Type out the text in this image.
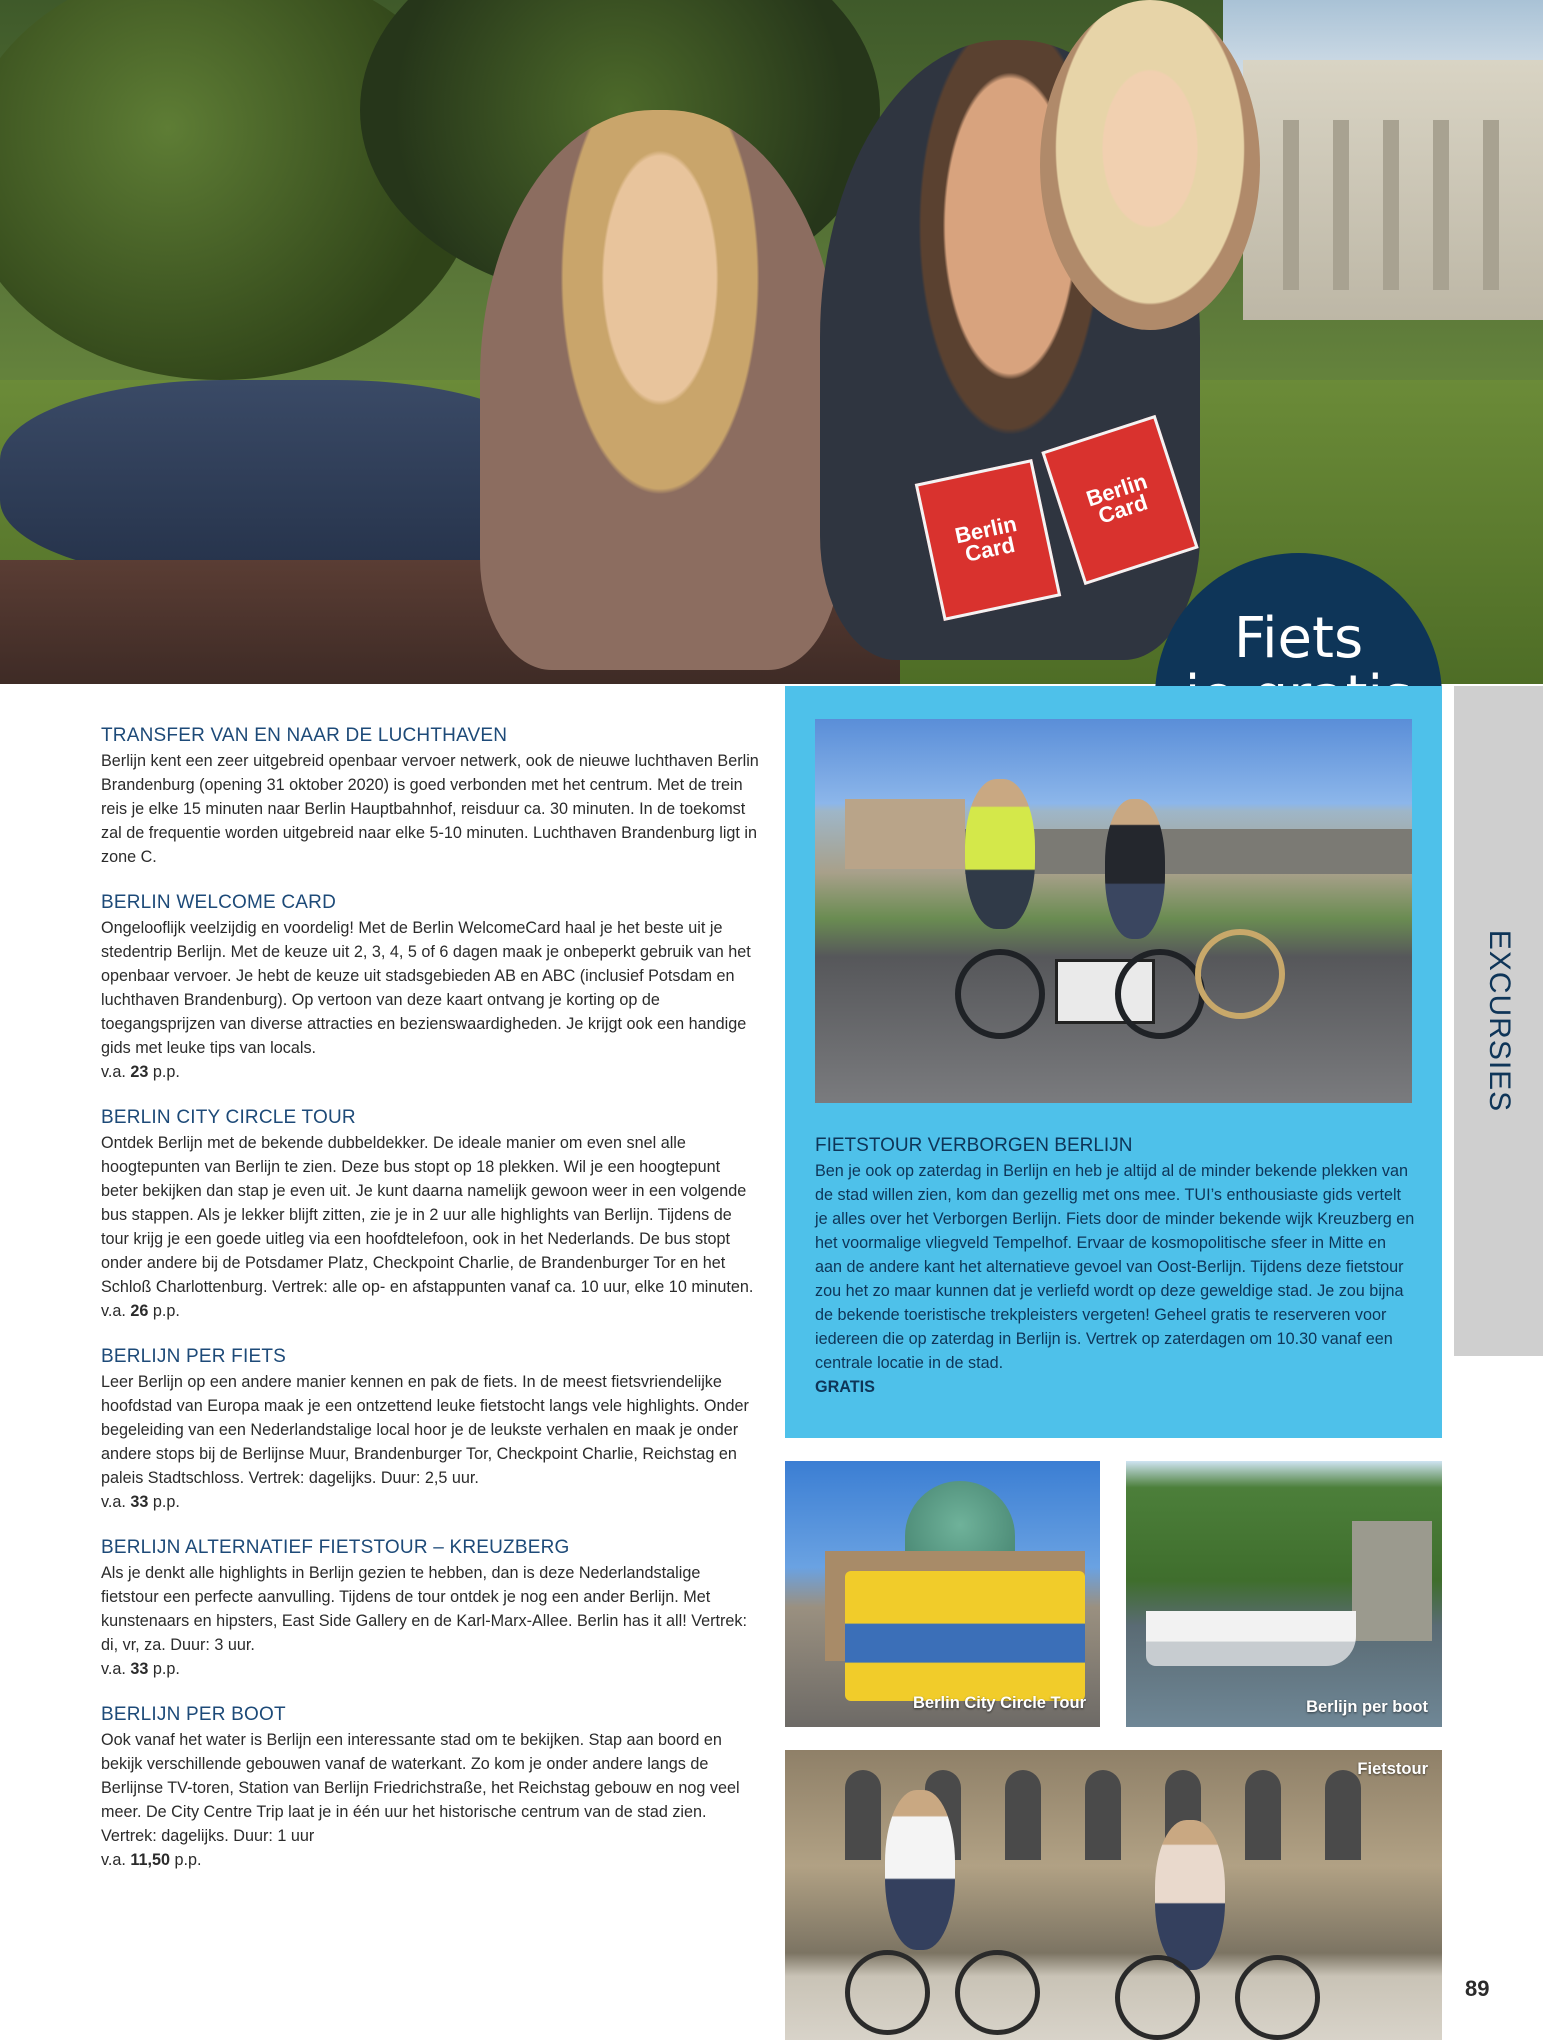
Berlin Card
Berlin Card
Fiets
EXCURSIES
TRANSFER VAN EN NAAR DE LUCHTHAVEN

Berlijn kent een zeer uitgebreid openbaar vervoer netwerk, ook de nieuwe luchthaven Berlin Brandenburg (opening 31 oktober 2020) is goed verbonden met het centrum. Met de trein reis je elke 15 minuten naar Berlin Hauptbahnhof, reisduur ca. 30 minuten. In de toekomst zal de frequentie worden uitgebreid naar elke 5-10 minuten. Luchthaven Brandenburg ligt in zone C.

BERLIN WELCOME CARD

Ongelooflijk veelzijdig en voordelig! Met de Berlin WelcomeCard haal je het beste uit je stedentrip Berlijn. Met de keuze uit 2, 3, 4, 5 of 6 dagen maak je onbeperkt gebruik van het openbaar vervoer. Je hebt de keuze uit stadsgebieden AB en ABC (inclusief Potsdam en luchthaven Brandenburg). Op vertoon van deze kaart ontvang je korting op de toegangsprijzen van diverse attracties en bezienswaardigheden. Je krijgt ook een handige gids met leuke tips van locals.

v.a. 23 p.p.
BERLIN CITY CIRCLE TOUR

Ontdek Berlijn met de bekende dubbeldekker. De ideale manier om even snel alle hoogtepunten van Berlijn te zien. Deze bus stopt op 18 plekken. Wil je een hoogtepunt beter bekijken dan stap je even uit. Je kunt daarna namelijk gewoon weer in een volgende bus stappen. Als je lekker blijft zitten, zie je in 2 uur alle highlights van Berlijn. Tijdens de tour krijg je een goede uitleg via een hoofdtelefoon, ook in het Nederlands. De bus stopt onder andere bij de Potsdamer Platz, Checkpoint Charlie, de Brandenburger Tor en het Schloß Charlottenburg. Vertrek: alle op- en afstappunten vanaf ca. 10 uur, elke 10 minuten.

v.a. 26 p.p.
BERLIJN PER FIETS

Leer Berlijn op een andere manier kennen en pak de fiets. In de meest fietsvriendelijke hoofdstad van Europa maak je een ontzettend leuke fietstocht langs vele highlights. Onder begeleiding van een Nederlandstalige local hoor je de leukste verhalen en maak je onder andere stops bij de Berlijnse Muur, Brandenburger Tor, Checkpoint Charlie, Reichstag en paleis Stadtschloss. Vertrek: dagelijks. Duur: 2,5 uur.

v.a. 33 p.p.
BERLIJN ALTERNATIEF FIETSTOUR – KREUZBERG

Als je denkt alle highlights in Berlijn gezien te hebben, dan is deze Nederlandstalige fietstour een perfecte aanvulling. Tijdens de tour ontdek je nog een ander Berlijn. Met kunstenaars en hipsters, East Side Gallery en de Karl-Marx-Allee. Berlin has it all! Vertrek: di, vr, za. Duur: 3 uur.

v.a. 33 p.p.
BERLIJN PER BOOT

Ook vanaf het water is Berlijn een interessante stad om te bekijken. Stap aan boord en bekijk verschillende gebouwen vanaf de waterkant. Zo kom je onder andere langs de Berlijnse TV-toren, Station van Berlijn Friedrichstraße, het Reichstag gebouw en nog veel meer. De City Centre Trip laat je in één uur het historische centrum van de stad zien. Vertrek: dagelijks. Duur: 1 uur

v.a. 11,50 p.p.
FIETSTOUR VERBORGEN BERLIJN

Ben je ook op zaterdag in Berlijn en heb je altijd al de minder bekende plekken van de stad willen zien, kom dan gezellig met ons mee. TUI’s enthousiaste gids vertelt je alles over het Verborgen Berlijn. Fiets door de minder bekende wijk Kreuzberg en het voormalige vliegveld Tempelhof. Ervaar de kosmopolitische sfeer in Mitte en aan de andere kant het alternatieve gevoel van Oost-Berlijn. Tijdens deze fietstour zou het zo maar kunnen dat je verliefd wordt op deze geweldige stad. Je zou bijna de bekende toeristische trekpleisters vergeten! Geheel gratis te reserveren voor iedereen die op zaterdag in Berlijn is. Vertrek op zaterdagen om 10.30 vanaf een centrale locatie in de stad.

GRATIS
Berlin City Circle Tour	Berlijn per boot
Fietstour
89
